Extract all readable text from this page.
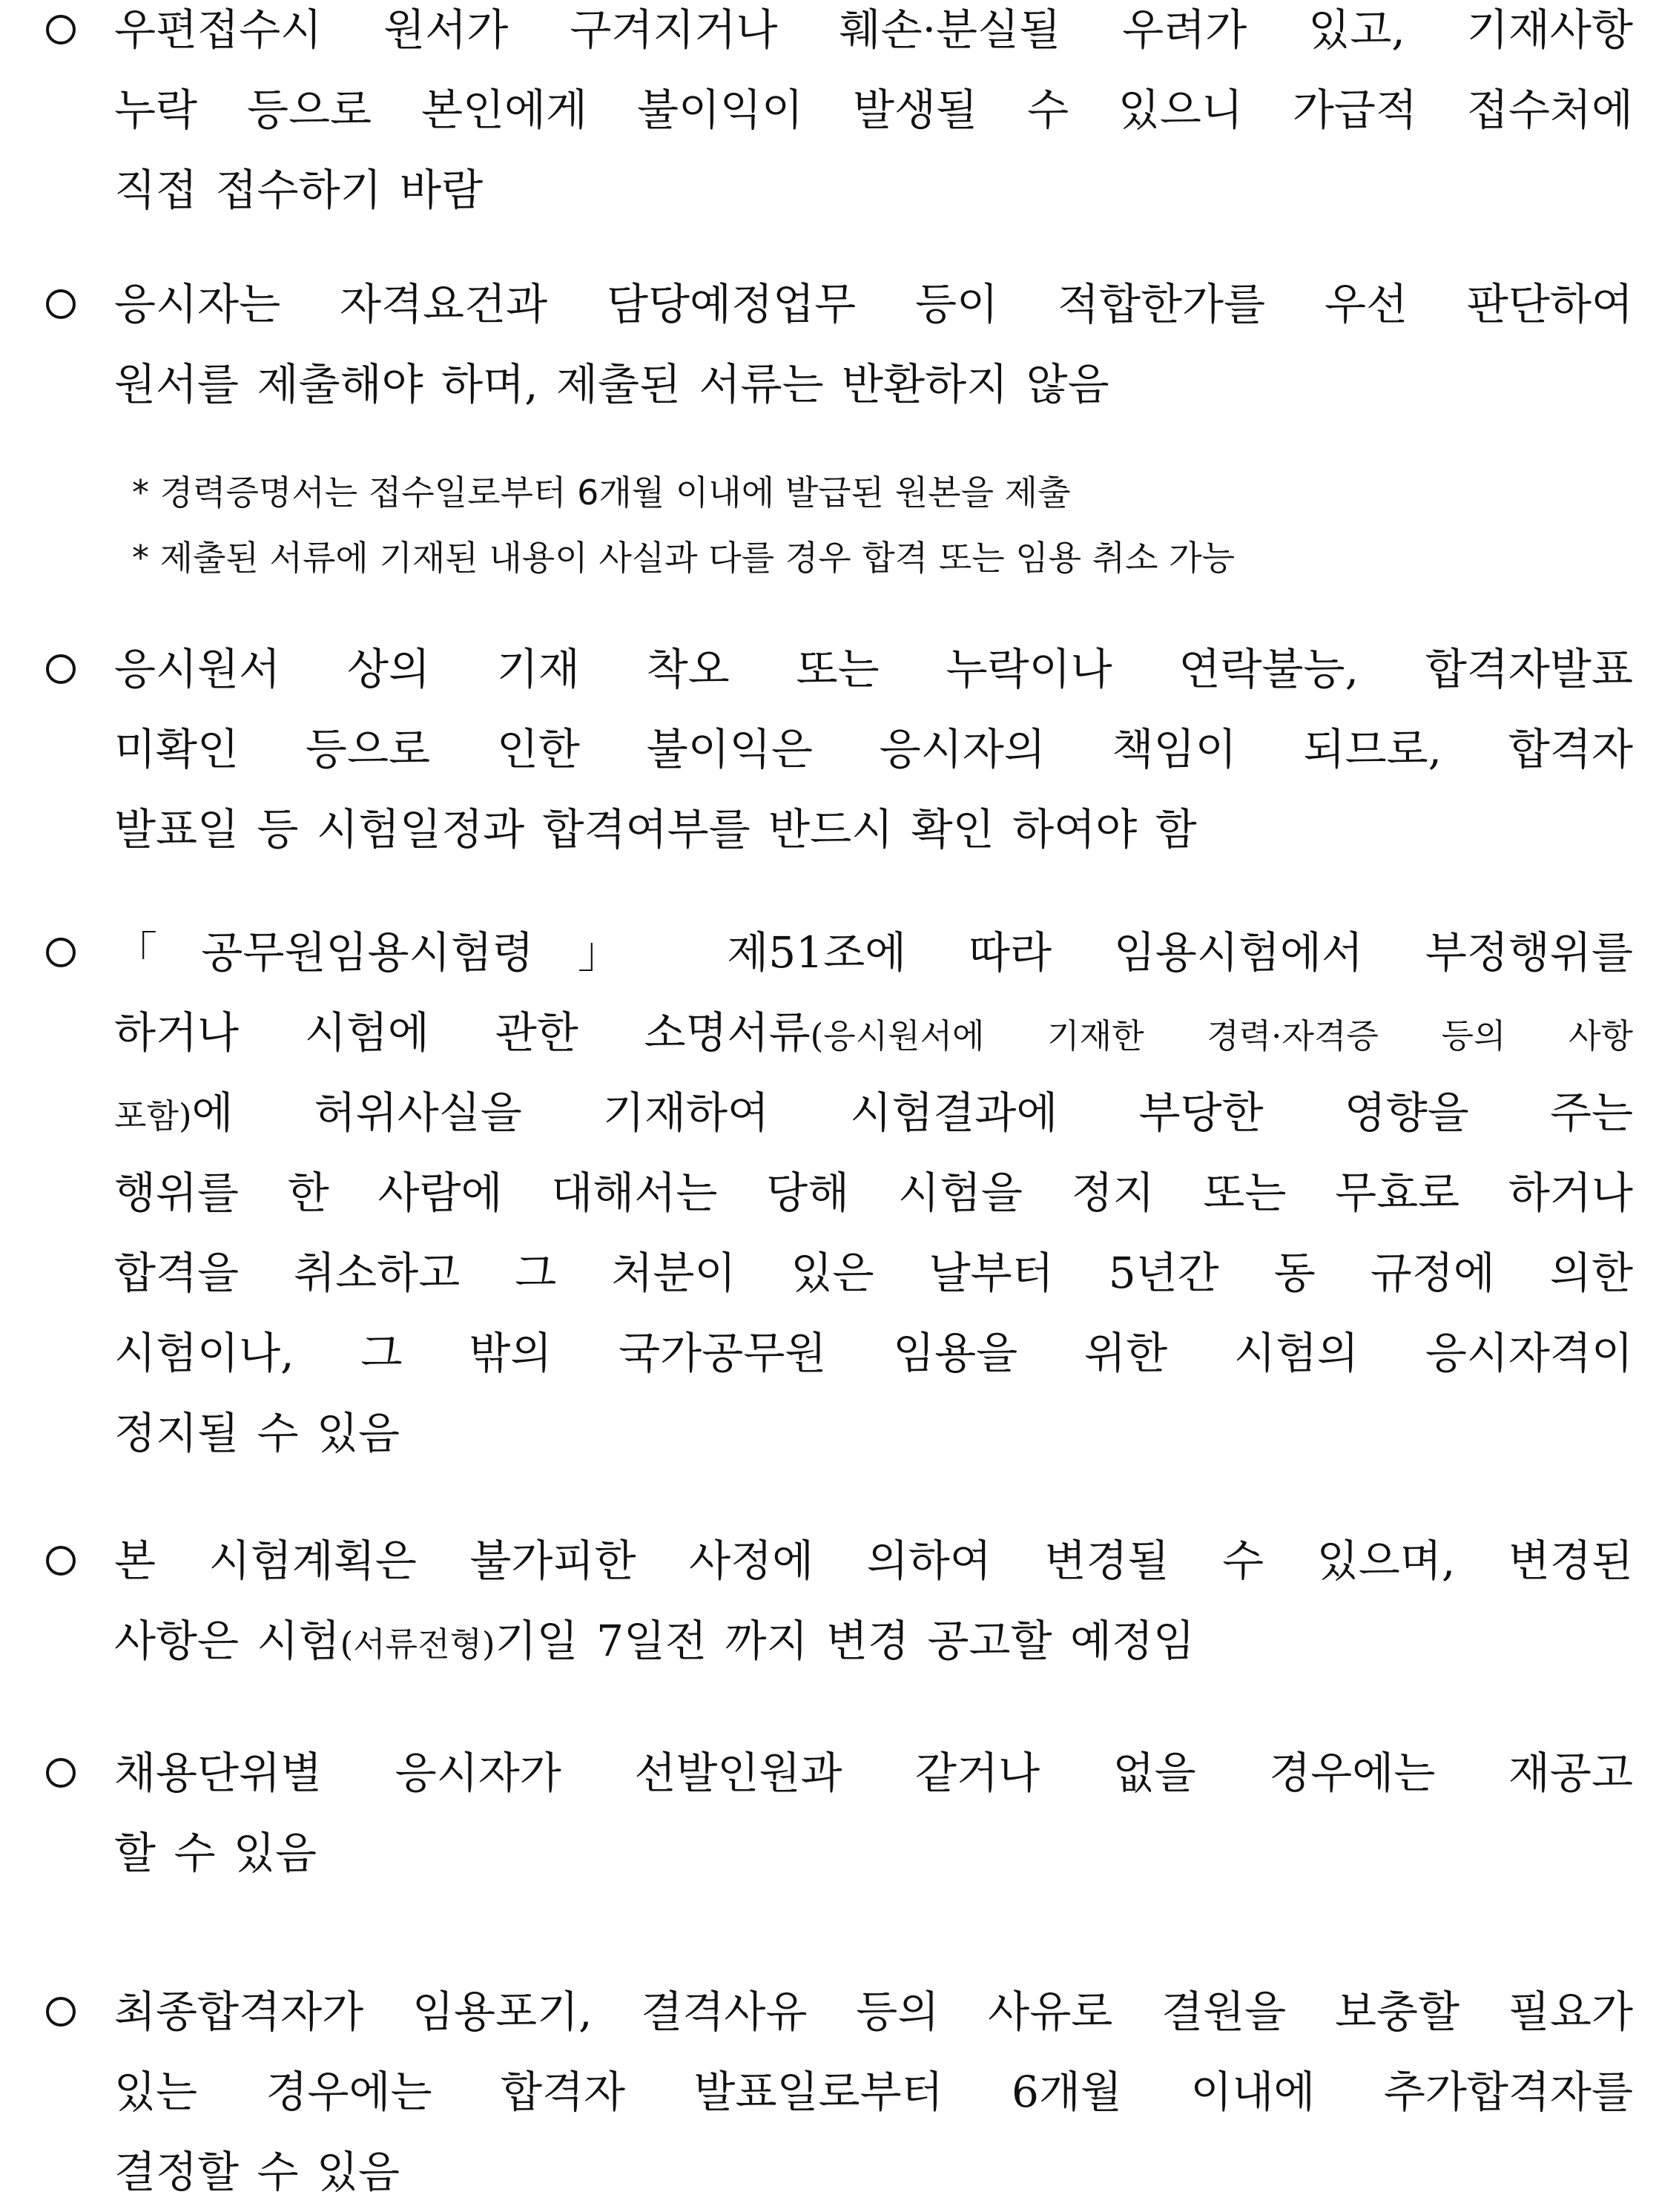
우편접수시 원서가 구겨지거나 훼손·분실될 우려가 있고, 기재사항
누락 등으로 본인에게 불이익이 발생될 수 있으니 가급적 접수처에
직접 접수하기 바람
응시자는 자격요건과 담당예정업무 등이 적합한가를 우선 판단하여
원서를 제출해야 하며, 제출된 서류는 반환하지 않음
* 경력증명서는 접수일로부터 6개월 이내에 발급된 원본을 제출
* 제출된 서류에 기재된 내용이 사실과 다를 경우 합격 또는 임용 취소 가능
응시원서 상의 기재 착오 또는 누락이나 연락불능, 합격자발표
미확인 등으로 인한 불이익은 응시자의 책임이 되므로, 합격자
발표일 등 시험일정과 합격여부를 반드시 확인 하여야 함
「공무원임용시험령」 제51조에 따라 임용시험에서 부정행위를
하거나 시험에 관한 소명서류(응시원서에 기재한 경력·자격증 등의 사항
포함)에 허위사실을 기재하여 시험결과에 부당한 영향을 주는
행위를 한 사람에 대해서는 당해 시험을 정지 또는 무효로 하거나
합격을 취소하고 그 처분이 있은 날부터 5년간 동 규정에 의한
시험이나, 그 밖의 국가공무원 임용을 위한 시험의 응시자격이
정지될 수 있음
본 시험계획은 불가피한 사정에 의하여 변경될 수 있으며, 변경된
사항은 시험(서류전형)기일 7일전 까지 변경 공고할 예정임
채용단위별 응시자가 선발인원과 같거나 없을 경우에는 재공고
할 수 있음
최종합격자가 임용포기, 결격사유 등의 사유로 결원을 보충할 필요가
있는 경우에는 합격자 발표일로부터 6개월 이내에 추가합격자를
결정할 수 있음
